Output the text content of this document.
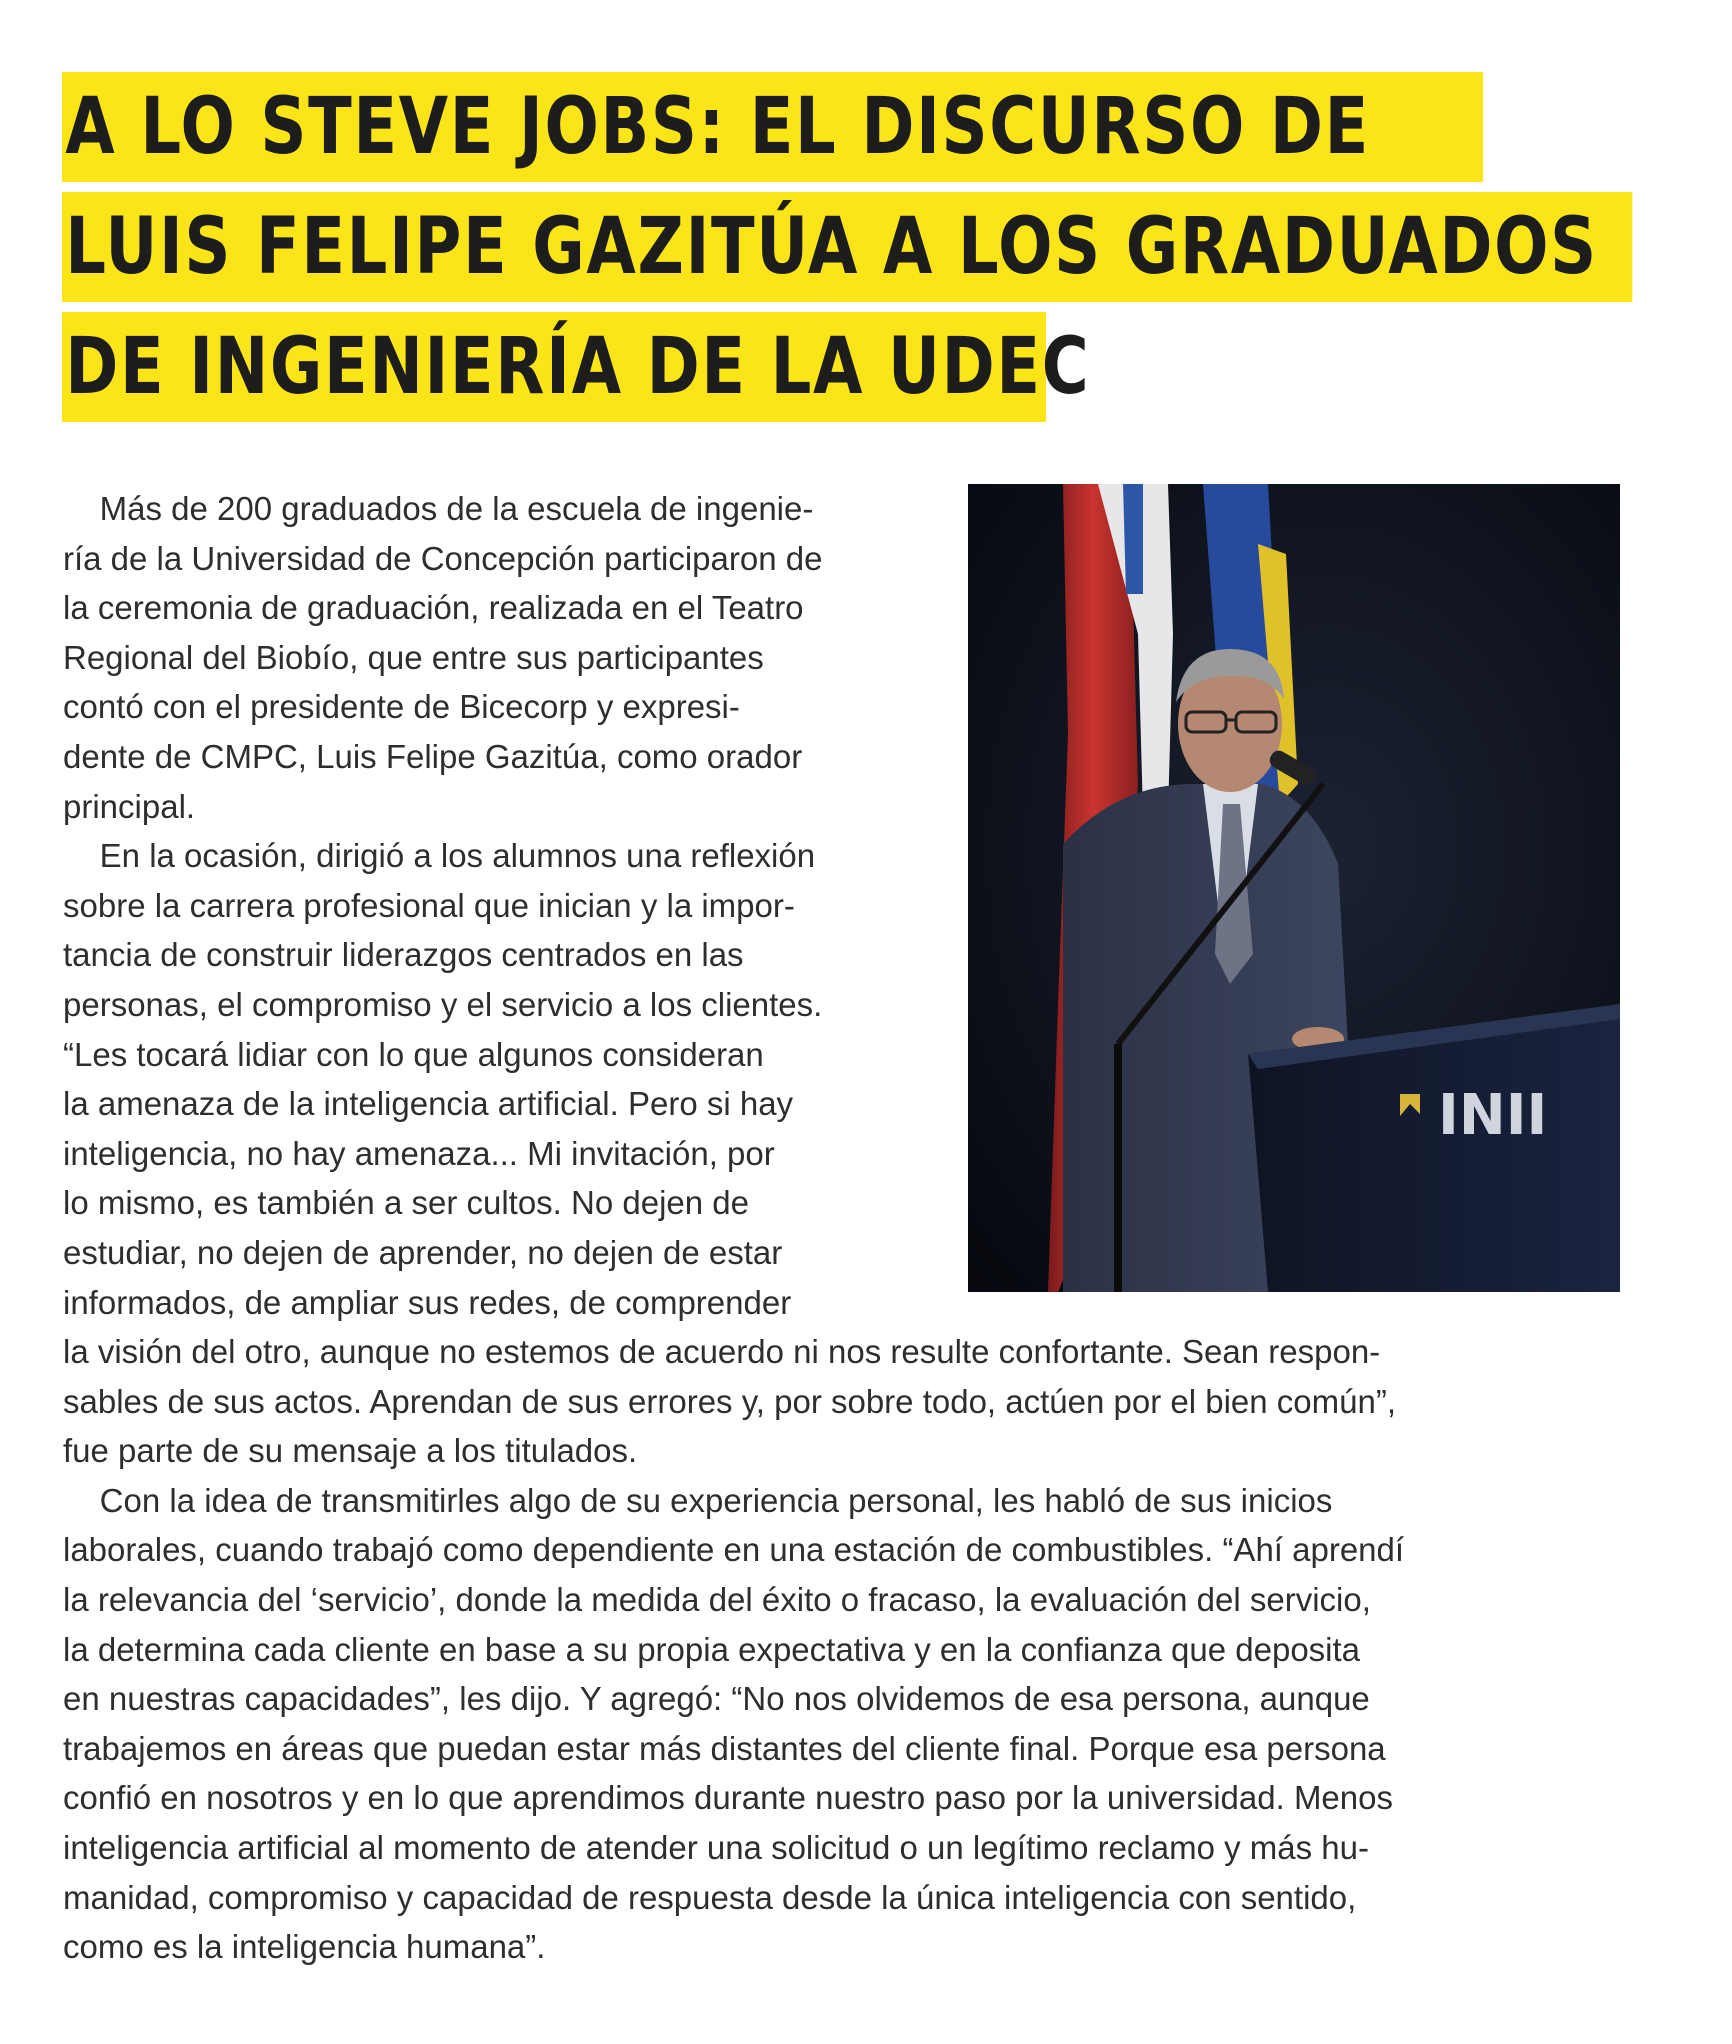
A LO STEVE JOBS: EL DISCURSO DE
LUIS FELIPE GAZITÚA A LOS GRADUADOS
DE INGENIERÍA DE LA UDEC
INII
Más de 200 graduados de la escuela de ingenie-
ría de la Universidad de Concepción participaron de
la ceremonia de graduación, realizada en el Teatro
Regional del Biobío, que entre sus participantes
contó con el presidente de Bicecorp y expresi-
dente de CMPC, Luis Felipe Gazitúa, como orador
principal.
En la ocasión, dirigió a los alumnos una reflexión
sobre la carrera profesional que inician y la impor-
tancia de construir liderazgos centrados en las
personas, el compromiso y el servicio a los clientes.
“Les tocará lidiar con lo que algunos consideran
la amenaza de la inteligencia artificial. Pero si hay
inteligencia, no hay amenaza... Mi invitación, por
lo mismo, es también a ser cultos. No dejen de
estudiar, no dejen de aprender, no dejen de estar
informados, de ampliar sus redes, de comprender
la visión del otro, aunque no estemos de acuerdo ni nos resulte confortante. Sean respon-
sables de sus actos. Aprendan de sus errores y, por sobre todo, actúen por el bien común”,
fue parte de su mensaje a los titulados.
Con la idea de transmitirles algo de su experiencia personal, les habló de sus inicios
laborales, cuando trabajó como dependiente en una estación de combustibles. “Ahí aprendí
la relevancia del ‘servicio’, donde la medida del éxito o fracaso, la evaluación del servicio,
la determina cada cliente en base a su propia expectativa y en la confianza que deposita
en nuestras capacidades”, les dijo. Y agregó: “No nos olvidemos de esa persona, aunque
trabajemos en áreas que puedan estar más distantes del cliente final. Porque esa persona
confió en nosotros y en lo que aprendimos durante nuestro paso por la universidad. Menos
inteligencia artificial al momento de atender una solicitud o un legítimo reclamo y más hu-
manidad, compromiso y capacidad de respuesta desde la única inteligencia con sentido,
como es la inteligencia humana”.
